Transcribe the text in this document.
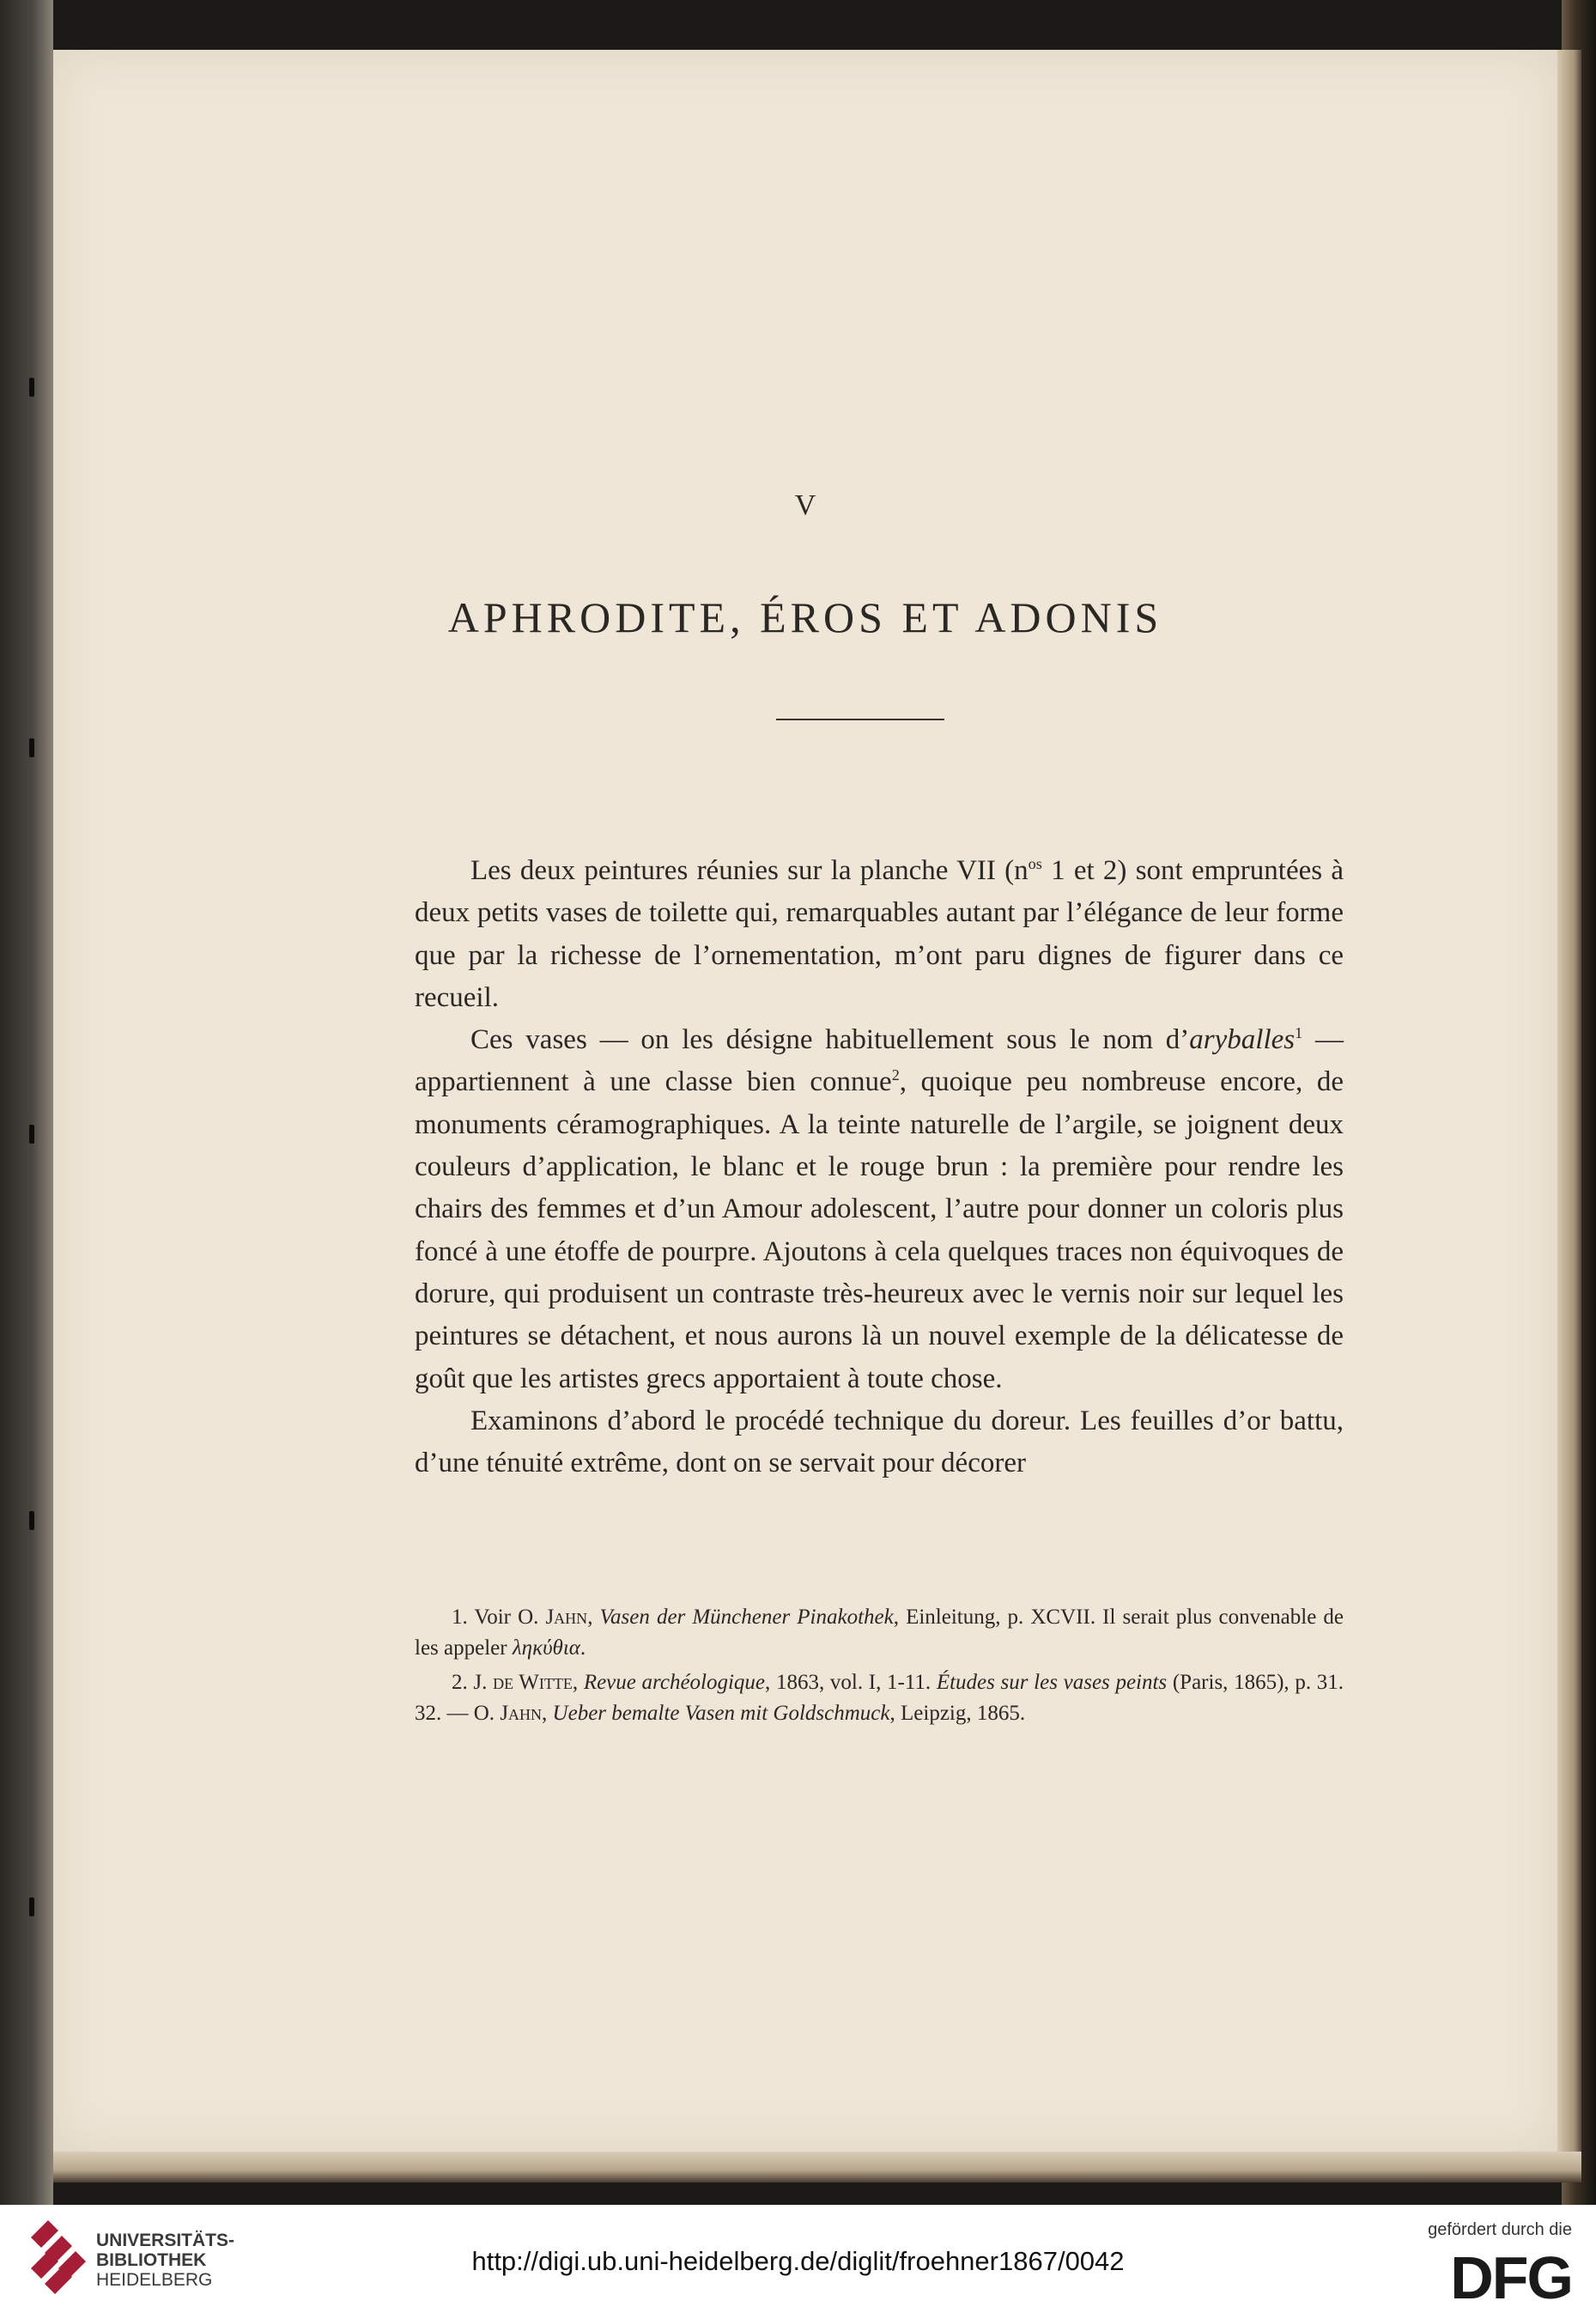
V
APHRODITE, ÉROS ET ADONIS

Les deux peintures réunies sur la planche VII ($n^{os}$ 1 et 2) sont empruntées à deux petits vases de toilette qui, remarquables autant par l’élégance de leur forme que par la richesse de l’ornementation, m’ont paru dignes de figurer dans ce recueil.

Ces vases — on les désigne habituellement sous le nom d’aryballes$^1$ — appartiennent à une classe bien connue$^2$, quoique peu nombreuse encore, de monuments céramographiques. A la teinte naturelle de l’argile, se joignent deux couleurs d’application, le blanc et le rouge brun : la première pour rendre les chairs des femmes et d’un Amour adolescent, l’autre pour donner un coloris plus foncé à une étoffe de pourpre. Ajoutons à cela quelques traces non équivoques de dorure, qui produisent un contraste très-heureux avec le vernis noir sur lequel les peintures se détachent, et nous aurons là un nouvel exemple de la délicatesse de goût que les artistes grecs apportaient à toute chose.

Examinons d’abord le procédé technique du doreur. Les feuilles d’or battu, d’une ténuité extrême, dont on se servait pour décorer

1. Voir O. Jahn, Vasen der Münchener Pinakothek, Einleitung, p. XCVII. Il serait plus convenable de les appeler ληκύθια.

2. J. de Witte, Revue archéologique, 1863, vol. I, 1-11. Études sur les vases peints (Paris, 1865), p. 31. 32. — O. Jahn, Ueber bemalte Vasen mit Goldschmuck, Leipzig, 1865.

UNIVERSITÄTS-
BIBLIOTHEK
HEIDELBERG
http://digi.ub.uni-heidelberg.de/diglit/froehner1867/0042
gefördert durch die
DFG
